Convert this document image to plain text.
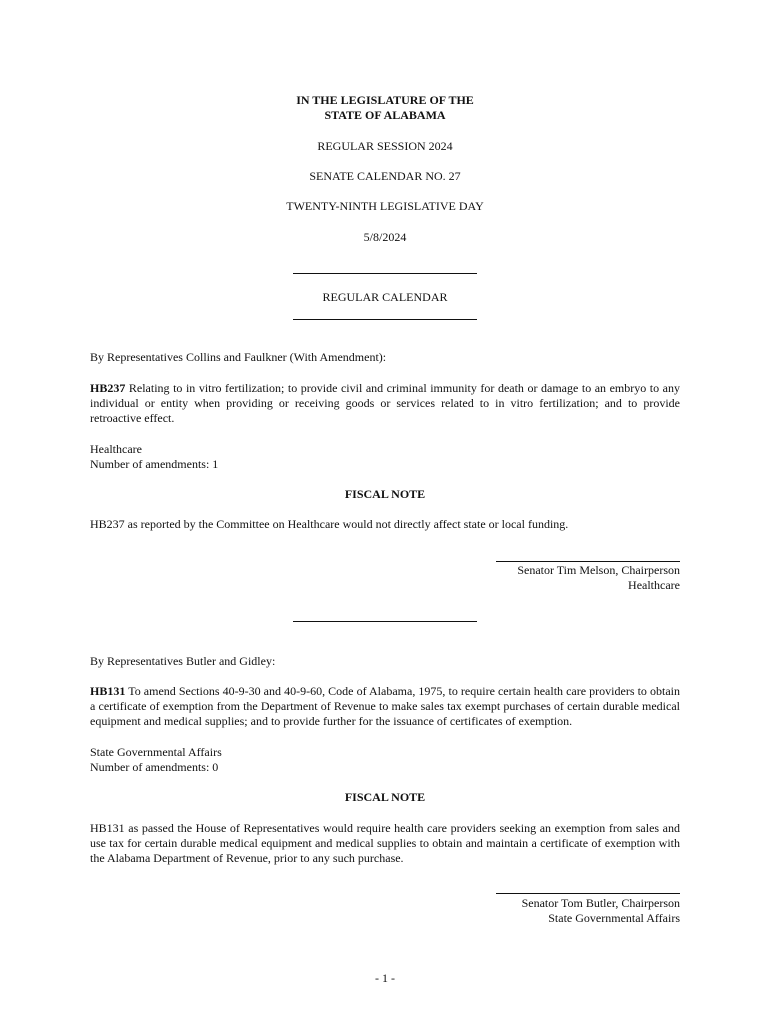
IN THE LEGISLATURE OF THE
STATE OF ALABAMA
REGULAR SESSION 2024
SENATE CALENDAR NO. 27
TWENTY-NINTH LEGISLATIVE DAY
5/8/2024
REGULAR CALENDAR
By Representatives Collins and Faulkner (With Amendment):

HB237 Relating to in vitro fertilization; to provide civil and criminal immunity for death or damage to an embryo to any individual or entity when providing or receiving goods or services related to in vitro fertilization; and to provide retroactive effect.

Healthcare
Number of amendments: 1
FISCAL NOTE

HB237 as reported by the Committee on Healthcare would not directly affect state or local funding.

Senator Tim Melson, Chairperson
Healthcare
By Representatives Butler and Gidley:

HB131 To amend Sections 40-9-30 and 40-9-60, Code of Alabama, 1975, to require certain health care providers to obtain a certificate of exemption from the Department of Revenue to make sales tax exempt purchases of certain durable medical equipment and medical supplies; and to provide further for the issuance of certificates of exemption.

State Governmental Affairs
Number of amendments: 0
FISCAL NOTE

HB131 as passed the House of Representatives would require health care providers seeking an exemption from sales and use tax for certain durable medical equipment and medical supplies to obtain and maintain a certificate of exemption with the Alabama Department of Revenue, prior to any such purchase.

Senator Tom Butler, Chairperson
State Governmental Affairs
- 1 -
